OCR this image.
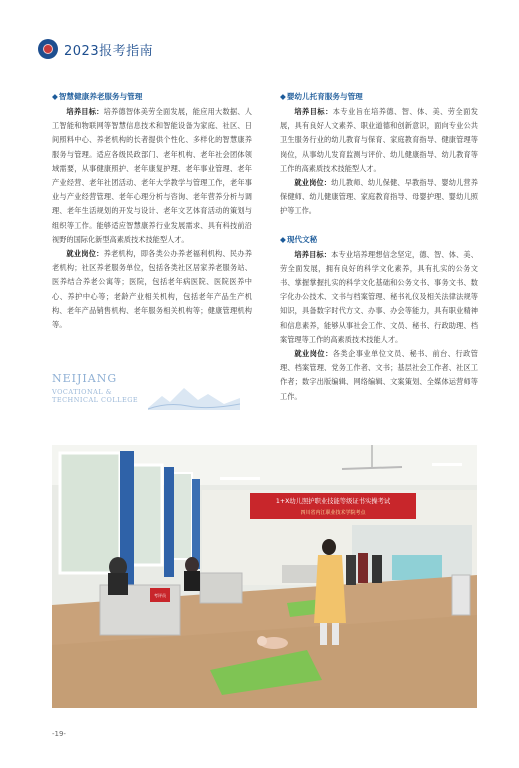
2023报考指南
◆智慧健康养老服务与管理

培养目标：培养德智体美劳全面发展，能应用大数据、人工智能和物联网等智慧信息技术和智能设备为家庭、社区、日间照料中心、养老机构的长者提供个性化、多样化的智慧康养服务与管理。适应各级民政部门、老年机构、老年社会团体领域需要，从事健康照护、老年康复护理、老年事业管理、老年产业经营、老年社团活动、老年大学教学与管理工作，老年事业与产业经营管理、老年心理分析与咨询、老年营养分析与调理、老年生活规划的开发与设计、老年文艺体育活动的策划与组织等工作。能够适应智慧康养行业发展需求、具有科技前沿视野的国际化新型高素质技术技能型人才。

就业岗位：养老机构，即各类公办养老福利机构、民办养老机构；社区养老服务单位，包括各类社区居家养老服务站、医养结合养老公寓等；医院，包括老年病医院、医院医养中心、养护中心等；老龄产业相关机构，包括老年产品生产机构、老年产品销售机构、老年服务相关机构等；健康管理机构等。

◆婴幼儿托育服务与管理

培养目标：本专业旨在培养德、智、体、美、劳全面发展，具有良好人文素养、职业道德和创新意识，面向专业公共卫生服务行业的幼儿教育与保育、家庭教育指导、健康管理等岗位，从事幼儿发育监测与评价、幼儿健康指导、幼儿教育等工作的高素质技术技能型人才。

就业岗位：幼儿教师、幼儿保健、早教指导、婴幼儿营养保健师、幼儿健康管理、家庭教育指导、母婴护理、婴幼儿照护等工作。

◆现代文秘

培养目标：本专业培养理想信念坚定，德、智、体、美、劳全面发展，拥有良好的科学文化素养，具有扎实的公务文书、掌握掌握扎实的科学文化基础和公务文书、事务文书、数字化办公技术、文书与档案管理、秘书礼仪及相关法律法规等知识，具备数字时代方文、办事、办会等能力，具有职业精神和信息素养，能够从事社会工作、文员、秘书、行政助理、档案管理等工作的高素质技术技能人才。

就业岗位：各类企事业单位文员、秘书、前台、行政管理、档案管理、党务工作者、文书；基层社会工作者、社区工作者；数字出版编辑、网络编辑、文案策划、全媒体运营师等工作。

NEIJIANG
VOCATIONAL &
TECHNICAL COLLEGE
1+X幼儿照护职业技能等级证书实操考试
四川省内江职业技术学院考点
考评员
-19-
